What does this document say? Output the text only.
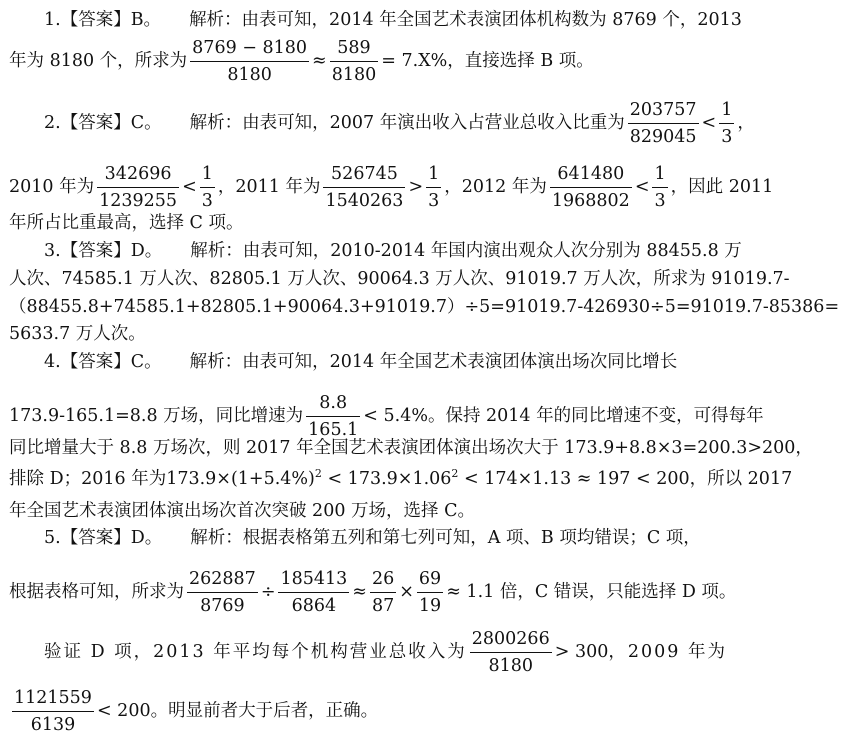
1.【答案】B。 解析：由表可知，2014 年全国艺术表演团体机构数为 8769 个，2013
年为 8180 个，所求为 $\frac{8769 - 8180}{8180} \approx \frac{589}{8180} = 7.X\%$，直接选择 B 项。
2.【答案】C。 解析：由表可知，2007 年演出收入占营业总收入比重为 $\frac{203757}{829045} < \frac{1}{3}$ ，
2010 年为 $\frac{342696}{1239255} < \frac{1}{3}$ ，2011 年为 $\frac{526745}{1540263} > \frac{1}{3}$ ，2012 年为 $\frac{641480}{1968802} < \frac{1}{3}$ ，因此 2011
年所占比重最高，选择 C 项。
3.【答案】D。 解析：由表可知，2010-2014 年国内演出观众人次分别为 88455.8 万
人次、74585.1 万人次、82805.1 万人次、90064.3 万人次、91019.7 万人次，所求为 91019.7-
（88455.8+74585.1+82805.1+90064.3+91019.7）÷5=91019.7-426930÷5=91019.7-85386=
5633.7 万人次。
4.【答案】C。 解析：由表可知，2014 年全国艺术表演团体演出场次同比增长
173.9-165.1=8.8 万场，同比增速为 $\frac{8.8}{165.1} < 5.4\%$。保持 2014 年的同比增速不变，可得每年
同比增量大于 8.8 万场次，则 2017 年全国艺术表演团体演出场次大于 173.9+8.8×3=200.3>200，
排除 D；2016 年为$173.9\times(1+5.4\%)^2 < 173.9\times 1.06^2 < 174\times 1.13 \approx 197 < 200$，所以 2017
年全国艺术表演团体演出场次首次突破 200 万场，选择 C。
5.【答案】D。 解析：根据表格第五列和第七列可知，A 项、B 项均错误；C 项，
根据表格可知，所求为 $\frac{262887}{8769} \div \frac{185413}{6864} \approx \frac{26}{87} \times \frac{69}{19} \approx 1.1$ 倍，C 错误，只能选择 D 项。
验证 D 项，2013 年平均每个机构营业总收入为 $\frac{2800266}{8180} > 300$，2009 年为
$\frac{1121559}{6139} < 200$。明显前者大于后者，正确。
